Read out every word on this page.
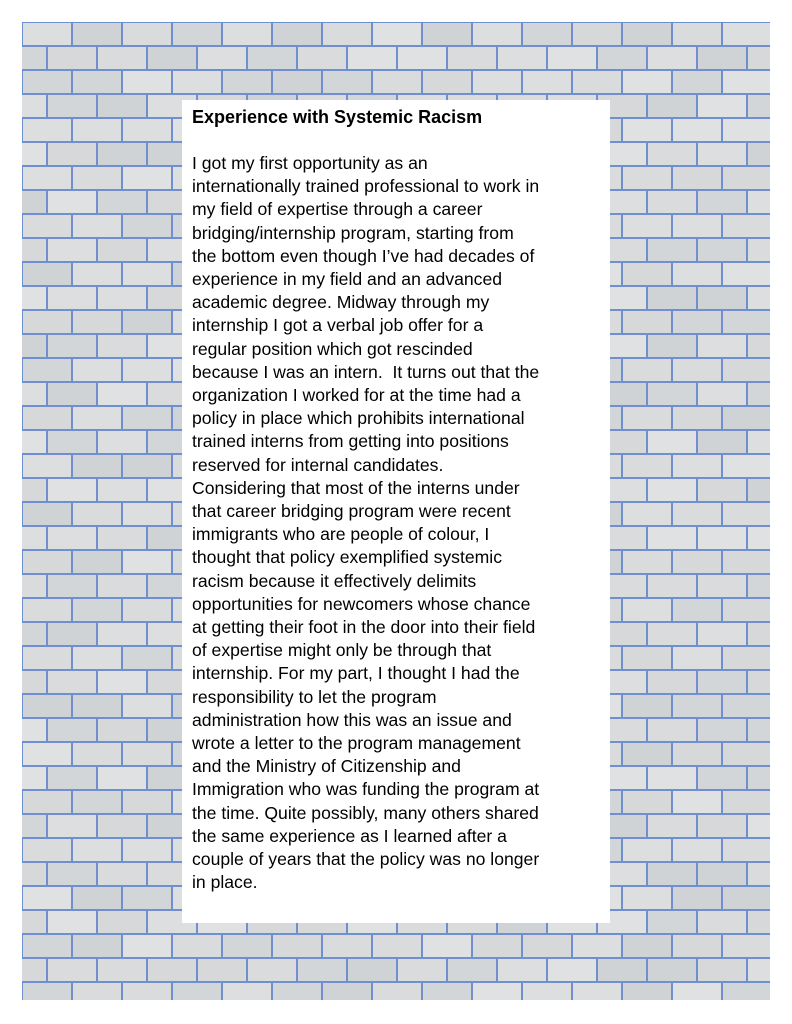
Experience with Systemic Racism

I got my first opportunity as an
internationally trained professional to work in
my field of expertise through a career
bridging/internship program, starting from
the bottom even though I’ve had decades of
experience in my field and an advanced
academic degree. Midway through my
internship I got a verbal job offer for a
regular position which got rescinded
because I was an intern.  It turns out that the
organization I worked for at the time had a
policy in place which prohibits international
trained interns from getting into positions
reserved for internal candidates.
Considering that most of the interns under
that career bridging program were recent
immigrants who are people of colour, I
thought that policy exemplified systemic
racism because it effectively delimits
opportunities for newcomers whose chance
at getting their foot in the door into their field
of expertise might only be through that
internship. For my part, I thought I had the
responsibility to let the program
administration how this was an issue and
wrote a letter to the program management
and the Ministry of Citizenship and
Immigration who was funding the program at
the time. Quite possibly, many others shared
the same experience as I learned after a
couple of years that the policy was no longer
in place.
